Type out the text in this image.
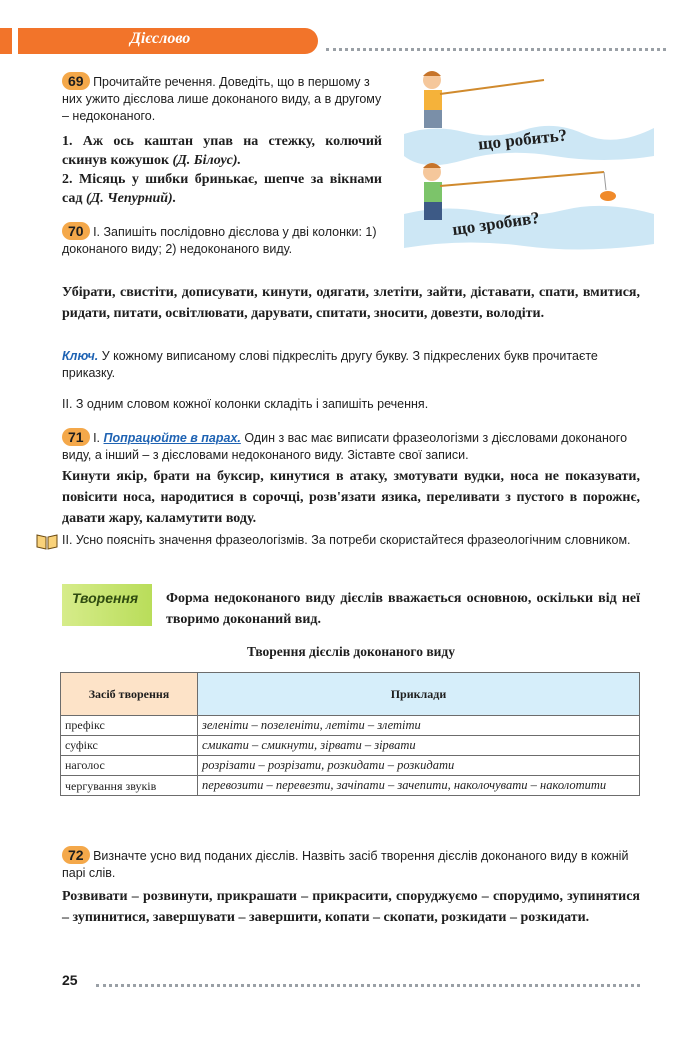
Дієслово
69 Прочитайте речення. Доведіть, що в першому з них ужито дієслова лише доконаного виду, а в другому – недоконаного.
1. Аж ось каштан упав на стежку, колючий скинув кожушок (Д. Білоус).
2. Місяць у шибки бринькає, шепче за вікнами сад (Д. Чепурний).
що робить?
що зробив?
70 І. Запишіть послідовно дієслова у дві колонки: 1) доконаного виду; 2) недоконаного виду.
Убірати, свистіти, дописувати, кинути, одягати, злетіти, зайти, діставати, спати, вмитися, ридати, питати, освітлювати, дарувати, спитати, зносити, довезти, володіти.
Ключ. У кожному виписаному слові підкресліть другу букву. З підкреслених букв прочитаєте приказку.
ІІ. З одним словом кожної колонки складіть і запишіть речення.
71 І. Попрацюйте в парах. Один з вас має виписати фразеологізми з дієсловами доконаного виду, а інший – з дієсловами недоконаного виду. Зіставте свої записи.
Кинути якір, брати на буксир, кинутися в атаку, змотувати вудки, носа не показувати, повісити носа, народитися в сорочці, розв'язати язика, переливати з пустого в порожнє, давати жару, каламутити воду.
ІІ. Усно поясніть значення фразеологізмів. За потреби скористайтеся фразеологічним словником.
Творення	Форма недоконаного виду дієслів вважається основною, оскільки від неї творимо доконаний вид.
Творення дієслів доконаного виду
Засіб творення	Приклади
префікс	зеленіти – позеленіти, летіти – злетіти
суфікс	смикати – смикнути, зірвати – зірвати
наголос	розрізати – розрізати, розкидати – розкидати
чергування звуків	перевозити – перевезти, зачіпати – зачепити, наколочувати – наколотити
72 Визначте усно вид поданих дієслів. Назвіть засіб творення дієслів доконаного виду в кожній парі слів.
Розвивати – розвинути, прикрашати – прикрасити, споруджуємо – спорудимо, зупинятися – зупинитися, завершувати – завершити, копати – скопати, розкидати – розкидати.
25
